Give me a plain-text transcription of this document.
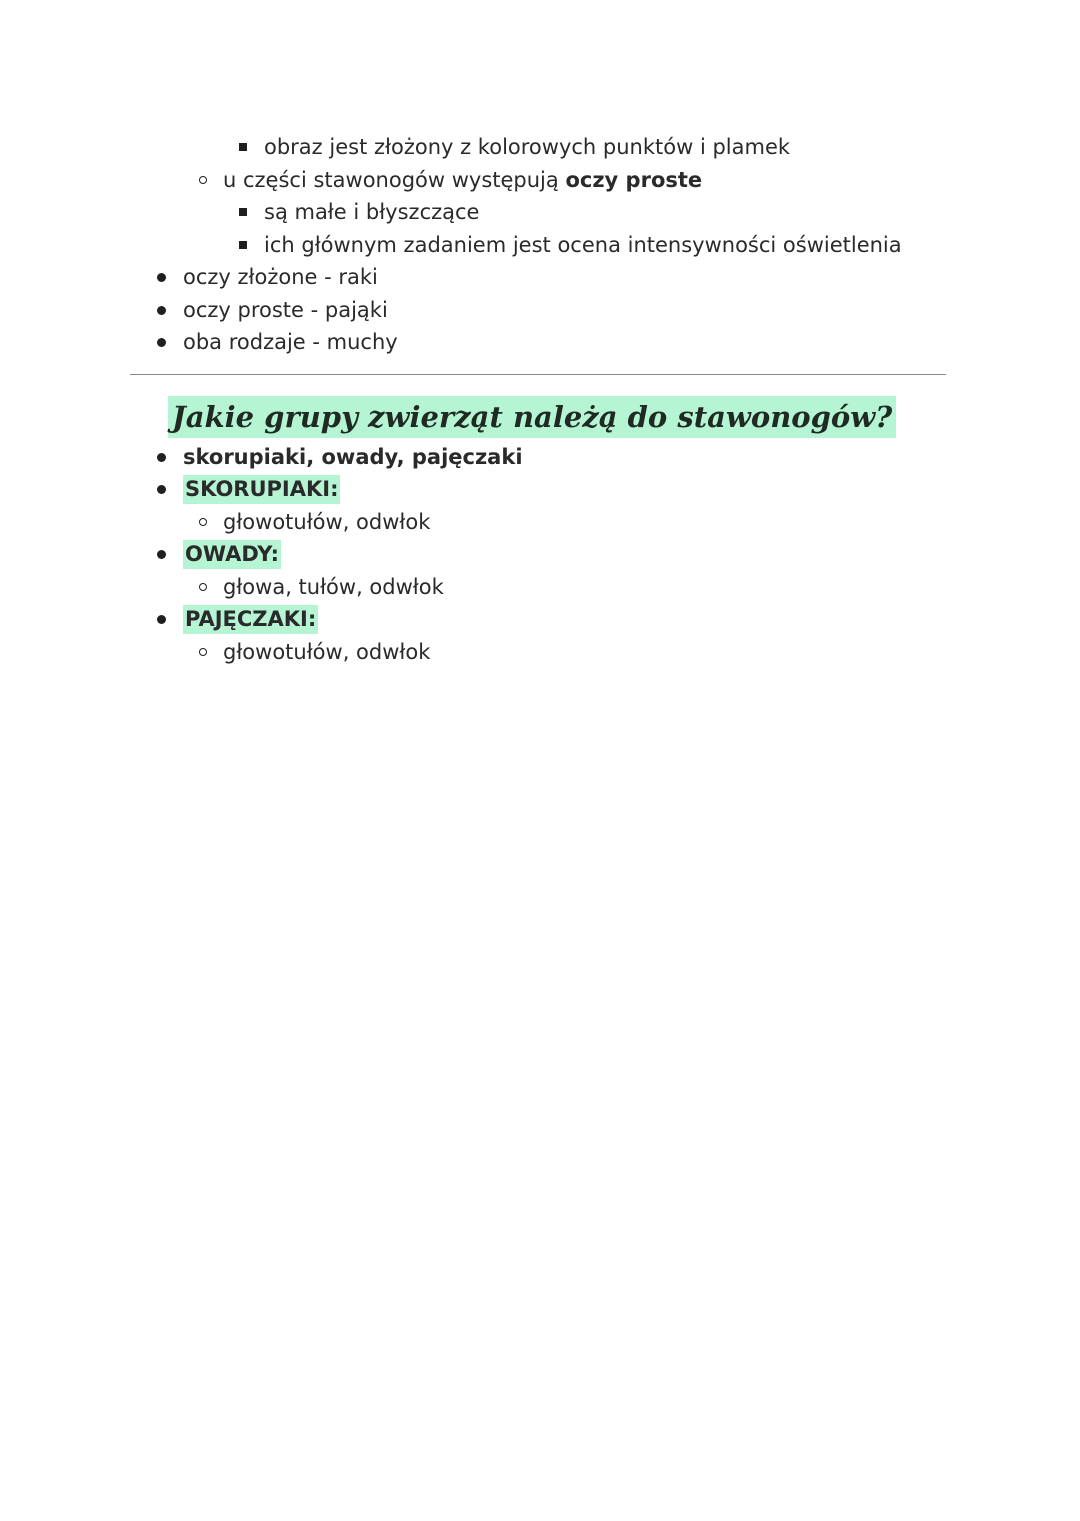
obraz jest złożony z kolorowych punktów i plamek
u części stawonogów występują oczy proste
są małe i błyszczące
ich głównym zadaniem jest ocena intensywności oświetlenia
oczy złożone - raki
oczy proste - pająki
oba rodzaje - muchy
Jakie grupy zwierząt należą do stawonogów?
skorupiaki, owady, pajęczaki
SKORUPIAKI:
głowotułów, odwłok
OWADY:
głowa, tułów, odwłok
PAJĘCZAKI:
głowotułów, odwłok
